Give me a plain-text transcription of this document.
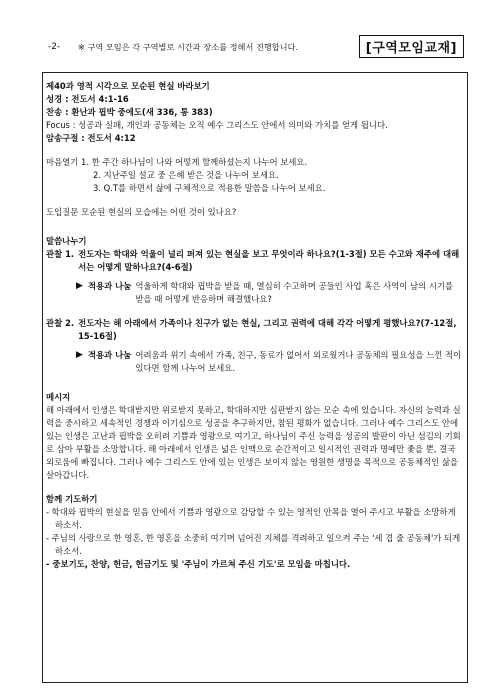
-2- ※ 구역 모임은 각 구역별로 시간과 장소를 정해서 진행합니다.	[구역모임교재]

제40과 영적 시각으로 모순된 현실 바라보기

성경 : 전도서 4:1-16

찬송 : 환난과 핍박 중에도(새 336, 통 383)

Focus : 성공과 실패, 개인과 공동체는 오직 예수 그리스도 안에서 의미와 가치를 얻게 됩니다.

암송구절 : 전도서 4:12

마음열기 1. 한 주간 하나님이 나와 어떻게 함께하셨는지 나누어 보세요.

2. 지난주일 설교 중 은혜 받은 것을 나누어 보세요.

3. Q.T를 하면서 삶에 구체적으로 적용한 말씀을 나누어 보세요.

도입질문 모순된 현실의 모습에는 어떤 것이 있나요?

말씀나누기

관찰 1. 전도자는 학대와 억울이 널리 퍼져 있는 현실을 보고 무엇이라 하나요?(1-3절) 모든 수고와 재주에 대해서는 어떻게 말하나요?(4-6절)
▶ 적용과 나눔 억울하게 학대와 핍박을 받을 때, 열심히 수고하며 공들인 사업 혹은 사역이 남의 시기를 받을 때 어떻게 반응하며 해결했나요?
관찰 2. 전도자는 해 아래에서 가족이나 친구가 없는 현실, 그리고 권력에 대해 각각 어떻게 평했나요?(7-12절, 15-16절)
▶ 적용과 나눔 어려움과 위기 속에서 가족, 친구, 동료가 없어서 외로웠거나 공동체의 필요성을 느낀 적이 있다면 함께 나누어 보세요.

메시지

해 아래에서 인생은 학대받지만 위로받지 못하고, 학대하지만 심판받지 않는 모순 속에 있습니다. 자신의 능력과 실력을 중시하고 세속적인 경쟁과 이기심으로 성공을 추구하지만, 참된 평화가 없습니다. 그러나 예수 그리스도 안에 있는 인생은 고난과 핍박을 오히려 기쁨과 영광으로 여기고, 하나님이 주신 능력을 성공의 발판이 아닌 섬김의 기회로 삼아 부활을 소망합니다. 해 아래에서 인생은 넓은 인맥으로 순간적이고 일시적인 권력과 명예만 좇을 뿐, 결국 외로움에 빠집니다. 그러나 예수 그리스도 안에 있는 인생은 보이지 않는 영원한 생명을 목적으로 공동체적인 삶을 살아갑니다.

함께 기도하기

- 학대와 핍박의 현실을 믿음 안에서 기쁨과 영광으로 감당할 수 있는 영적인 안목을 열어 주시고 부활을 소망하게 하소서.

- 주님의 사랑으로 한 영혼, 한 영혼을 소중히 여기며 넘어진 지체를 격려하고 일으켜 주는 '세 겹 줄 공동체'가 되게 하소서.

- 중보기도, 찬양, 헌금, 헌금기도 및 '주님이 가르쳐 주신 기도'로 모임을 마칩니다.
